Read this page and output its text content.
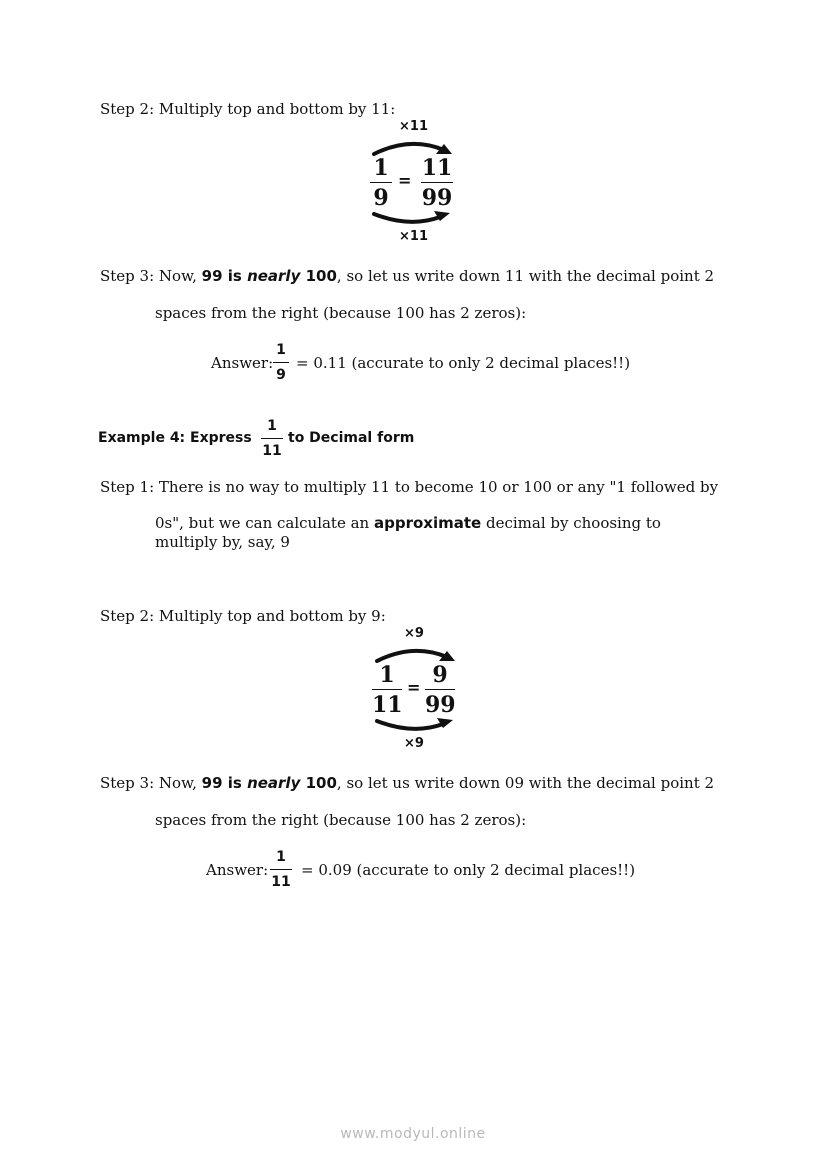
Step 2: Multiply top and bottom by 11:
×11
1
9
= 11
99
×11
Step 3: Now, 99 is nearly 100, so let us write down 11 with the decimal point 2
spaces from the right (because 100 has 2 zeros):
Answer:
1
9
= 0.11 (accurate to only 2 decimal places!!)
Example 4: Express
1
11
to Decimal form
Step 1: There is no way to multiply 11 to become 10 or 100 or any "1 followed by
0s", but we can calculate an approximate decimal by choosing to multiply by, say, 9
Step 2: Multiply top and bottom by 9:
×9
1
11
= 9
99
×9
Step 3: Now, 99 is nearly 100, so let us write down 09 with the decimal point 2
spaces from the right (because 100 has 2 zeros):
Answer:
1
11
= 0.09 (accurate to only 2 decimal places!!)
www.modyul.online
